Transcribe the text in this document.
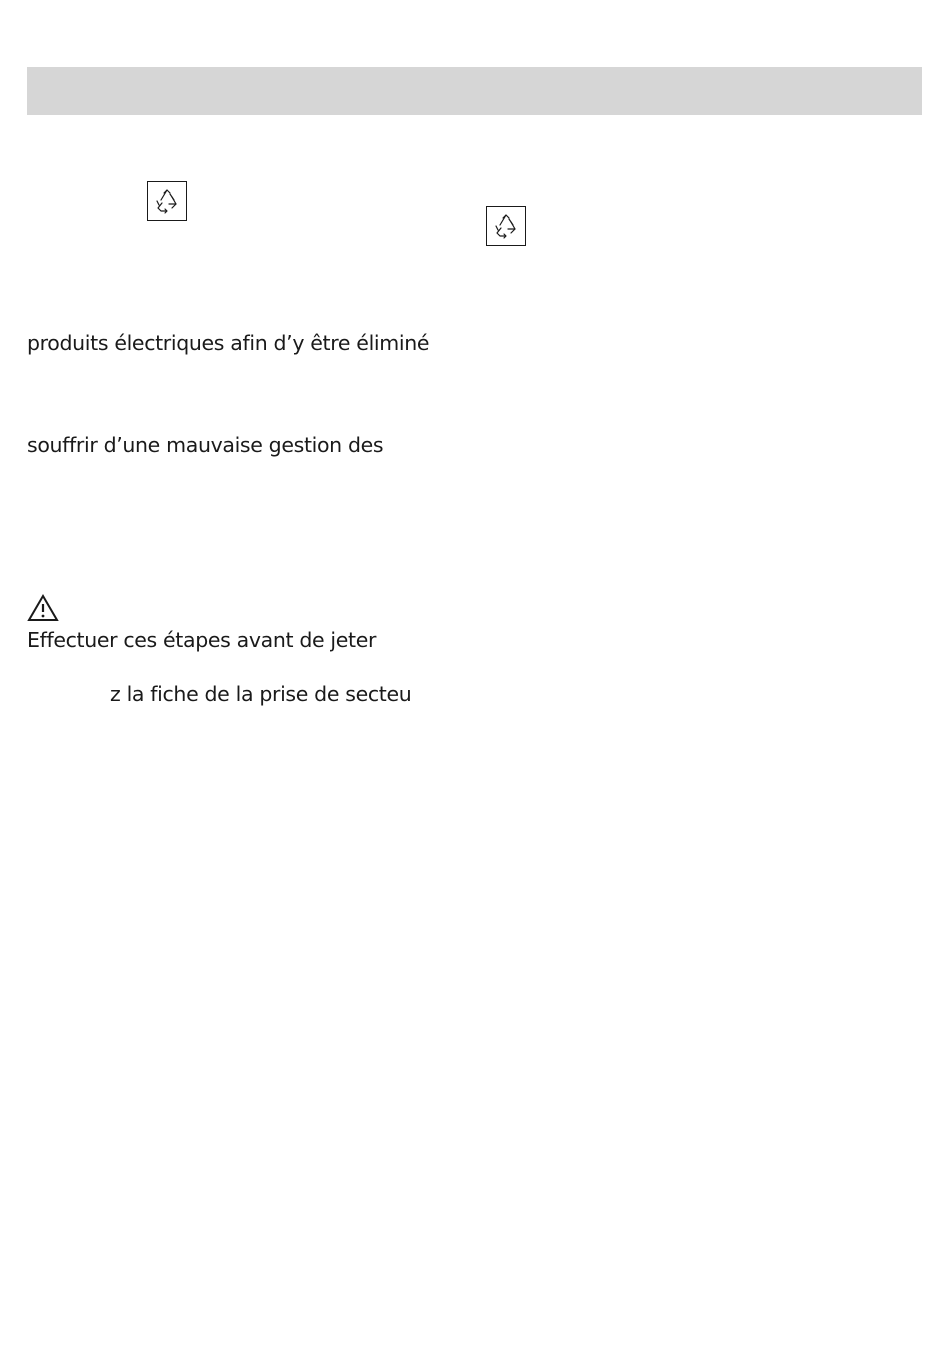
produits électriques afin d’y être éliminé
souffrir d’une mauvaise gestion des
Effectuer ces étapes avant de jeter
z la fiche de la prise de secteu
